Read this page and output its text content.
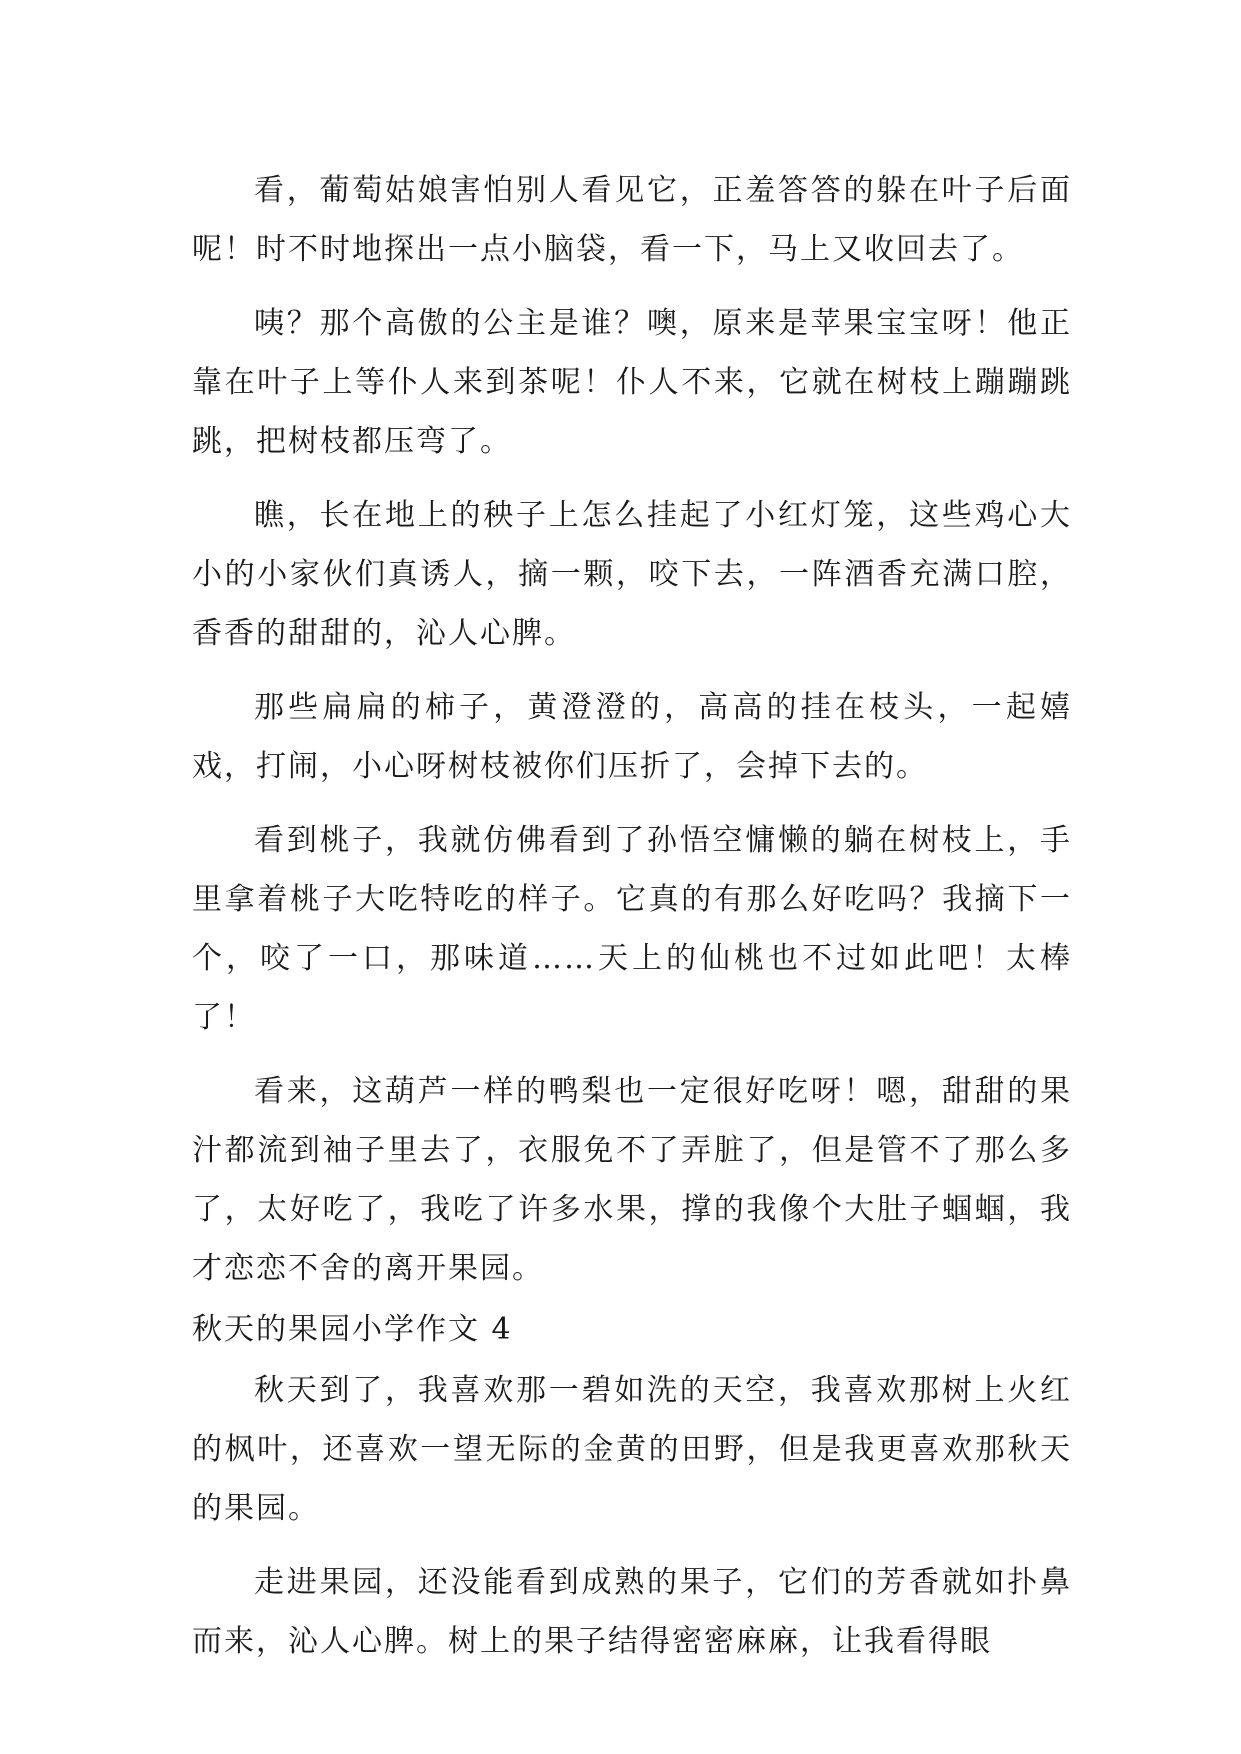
看，葡萄姑娘害怕别人看见它，正羞答答的躲在叶子后面呢！时不时地探出一点小脑袋，看一下，马上又收回去了。

咦？那个高傲的公主是谁？噢，原来是苹果宝宝呀！他正靠在叶子上等仆人来到茶呢！仆人不来，它就在树枝上蹦蹦跳跳，把树枝都压弯了。

瞧，长在地上的秧子上怎么挂起了小红灯笼，这些鸡心大小的小家伙们真诱人，摘一颗，咬下去，一阵酒香充满口腔，香香的甜甜的，沁人心脾。

那些扁扁的柿子，黄澄澄的，高高的挂在枝头，一起嬉戏，打闹，小心呀树枝被你们压折了，会掉下去的。

看到桃子，我就仿佛看到了孙悟空慵懒的躺在树枝上，手里拿着桃子大吃特吃的样子。它真的有那么好吃吗？我摘下一个，咬了一口，那味道……天上的仙桃也不过如此吧！太棒了！

看来，这葫芦一样的鸭梨也一定很好吃呀！嗯，甜甜的果汁都流到袖子里去了，衣服免不了弄脏了，但是管不了那么多了，太好吃了，我吃了许多水果，撑的我像个大肚子蝈蝈，我才恋恋不舍的离开果园。

秋天的果园小学作文 4

秋天到了，我喜欢那一碧如洗的天空，我喜欢那树上火红的枫叶，还喜欢一望无际的金黄的田野，但是我更喜欢那秋天的果园。

走进果园，还没能看到成熟的果子，它们的芳香就如扑鼻而来，沁人心脾。树上的果子结得密密麻麻，让我看得眼
